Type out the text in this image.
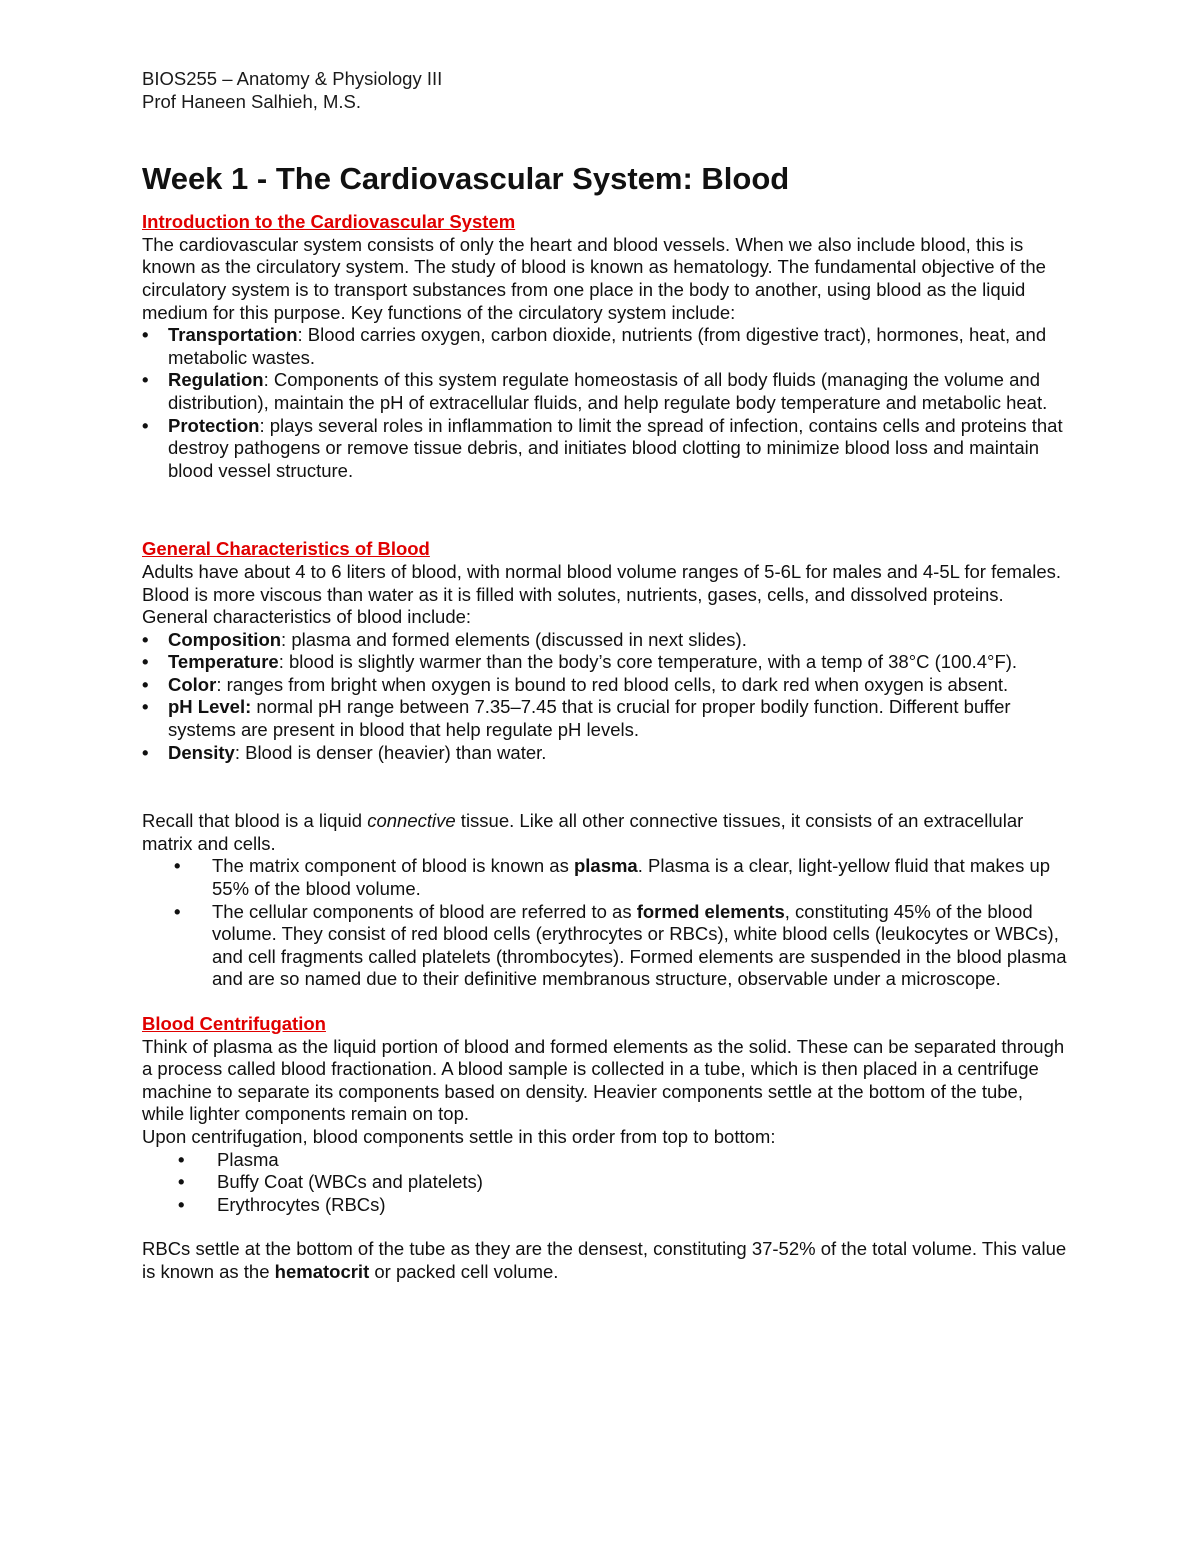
BIOS255 – Anatomy & Physiology III

Prof Haneen Salhieh, M.S.

Week 1 - The Cardiovascular System: Blood

Introduction to the Cardiovascular System

The cardiovascular system consists of only the heart and blood vessels. When we also include blood, this is known as the circulatory system. The study of blood is known as hematology. The fundamental objective of the circulatory system is to transport substances from one place in the body to another, using blood as the liquid medium for this purpose. Key functions of the circulatory system include:

• Transportation: Blood carries oxygen, carbon dioxide, nutrients (from digestive tract), hormones, heat, and metabolic wastes.
• Regulation: Components of this system regulate homeostasis of all body fluids (managing the volume and distribution), maintain the pH of extracellular fluids, and help regulate body temperature and metabolic heat.
• Protection: plays several roles in inflammation to limit the spread of infection, contains cells and proteins that destroy pathogens or remove tissue debris, and initiates blood clotting to minimize blood loss and maintain blood vessel structure.

General Characteristics of Blood

Adults have about 4 to 6 liters of blood, with normal blood volume ranges of 5-6L for males and 4-5L for females. Blood is more viscous than water as it is filled with solutes, nutrients, gases, cells, and dissolved proteins. General characteristics of blood include:

• Composition: plasma and formed elements (discussed in next slides).
• Temperature: blood is slightly warmer than the body’s core temperature, with a temp of 38°C (100.4°F).
• Color: ranges from bright when oxygen is bound to red blood cells, to dark red when oxygen is absent.
• pH Level: normal pH range between 7.35–7.45 that is crucial for proper bodily function. Different buffer systems are present in blood that help regulate pH levels.
• Density: Blood is denser (heavier) than water.

Recall that blood is a liquid connective tissue. Like all other connective tissues, it consists of an extracellular matrix and cells.

• The matrix component of blood is known as plasma. Plasma is a clear, light-yellow fluid that makes up 55% of the blood volume.
• The cellular components of blood are referred to as formed elements, constituting 45% of the blood volume. They consist of red blood cells (erythrocytes or RBCs), white blood cells (leukocytes or WBCs), and cell fragments called platelets (thrombocytes). Formed elements are suspended in the blood plasma and are so named due to their definitive membranous structure, observable under a microscope.

Blood Centrifugation

Think of plasma as the liquid portion of blood and formed elements as the solid. These can be separated through a process called blood fractionation. A blood sample is collected in a tube, which is then placed in a centrifuge machine to separate its components based on density. Heavier components settle at the bottom of the tube, while lighter components remain on top.

Upon centrifugation, blood components settle in this order from top to bottom:

• Plasma
• Buffy Coat (WBCs and platelets)
• Erythrocytes (RBCs)

RBCs settle at the bottom of the tube as they are the densest, constituting 37-52% of the total volume. This value is known as the hematocrit or packed cell volume.
